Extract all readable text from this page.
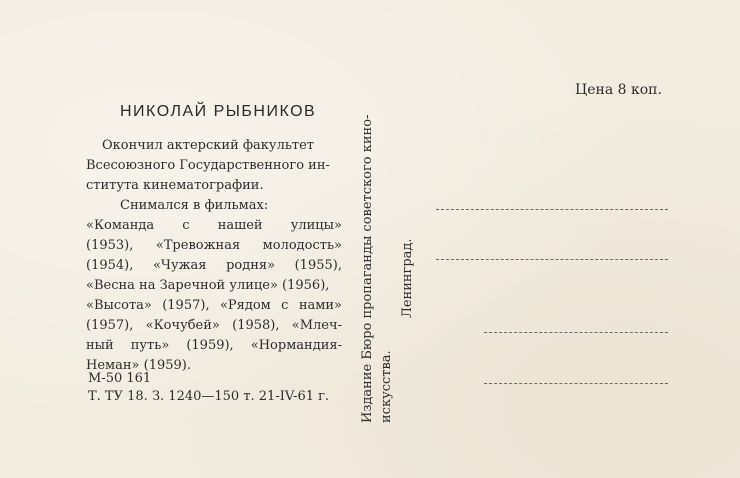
НИКОЛАЙ РЫБНИКОВ
Окончил актерский факультет
Всесоюзного Государственного ин-
ститута кинематографии.
Снимался в фильмах:
«Команда с нашей улицы»
(1953), «Тревожная молодость»
(1954), «Чужая родня» (1955),
«Весна на Заречной улице» (1956),
«Высота» (1957), «Рядом с нами»
(1957), «Кочубей» (1958), «Млеч-
ный путь» (1959), «Нормандия-
Неман» (1959).
М-50 161
Т. ТУ 18. З. 1240—150 т. 21-IV-61 г. Издание Бюро пропаганды советского кино- искусства.
Ленинград.
Цена 8 коп.
